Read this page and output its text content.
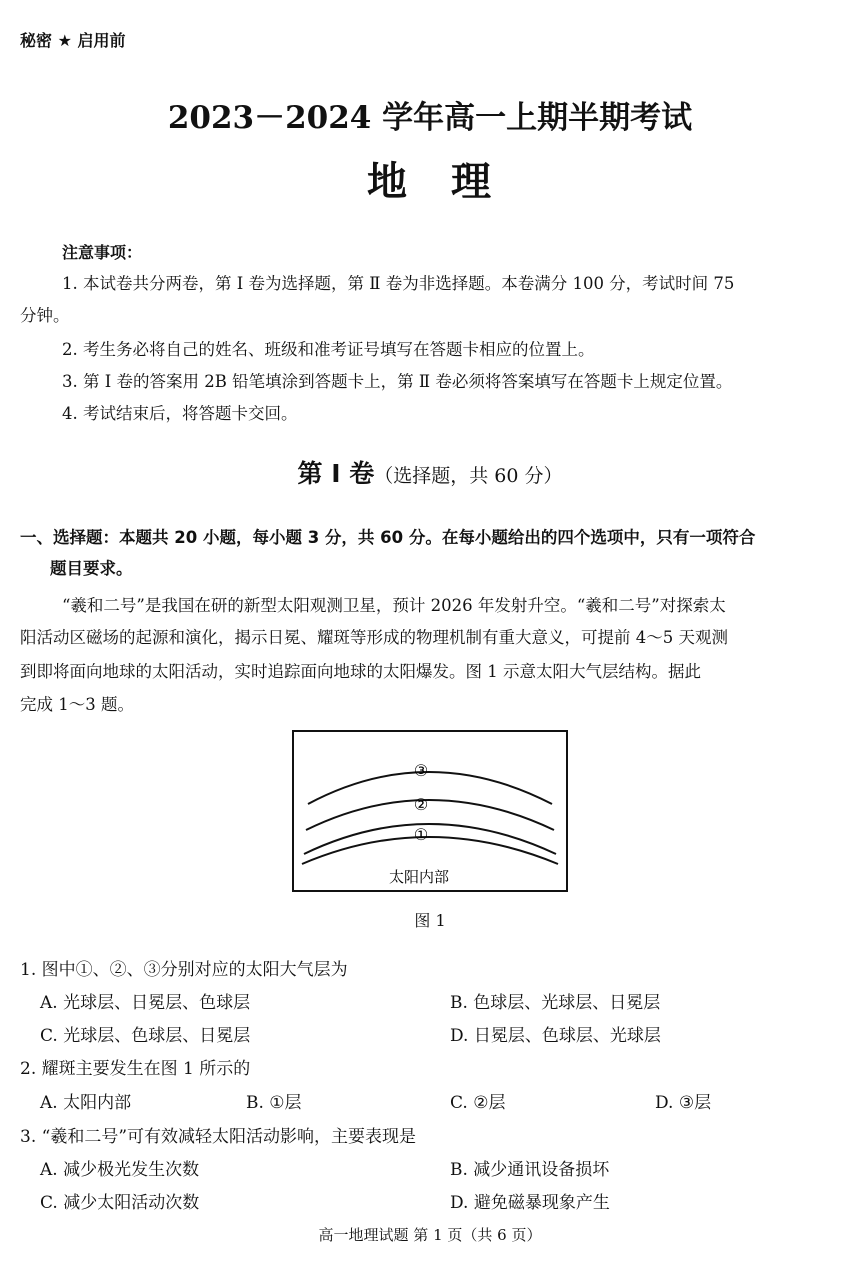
秘密 ★ 启用前
2023－2024 学年高一上期半期考试
地　理
注意事项：
1. 本试卷共分两卷，第 Ⅰ 卷为选择题，第 Ⅱ 卷为非选择题。本卷满分 100 分，考试时间 75
分钟。
2. 考生务必将自己的姓名、班级和准考证号填写在答题卡相应的位置上。
3. 第 Ⅰ 卷的答案用 2B 铅笔填涂到答题卡上，第 Ⅱ 卷必须将答案填写在答题卡上规定位置。
4. 考试结束后，将答题卡交回。
第 Ⅰ 卷（选择题，共 60 分）
一、选择题：本题共 20 小题，每小题 3 分，共 60 分。在每小题给出的四个选项中，只有一项符合
题目要求。
“羲和二号”是我国在研的新型太阳观测卫星，预计 2026 年发射升空。“羲和二号”对探索太
阳活动区磁场的起源和演化，揭示日冕、耀斑等形成的物理机制有重大意义，可提前 4～5 天观测
到即将面向地球的太阳活动，实时追踪面向地球的太阳爆发。图 1 示意太阳大气层结构。据此
完成 1～3 题。
③
②
①
太阳内部
图 1
1. 图中①、②、③分别对应的太阳大气层为
A. 光球层、日冕层、色球层	B. 色球层、光球层、日冕层
C. 光球层、色球层、日冕层	D. 日冕层、色球层、光球层
2. 耀斑主要发生在图 1 所示的
A. 太阳内部	B. ①层	C. ②层	D. ③层
3. “羲和二号”可有效减轻太阳活动影响，主要表现是
A. 减少极光发生次数	B. 减少通讯设备损坏
C. 减少太阳活动次数	D. 避免磁暴现象产生
高一地理试题 第 1 页（共 6 页）
